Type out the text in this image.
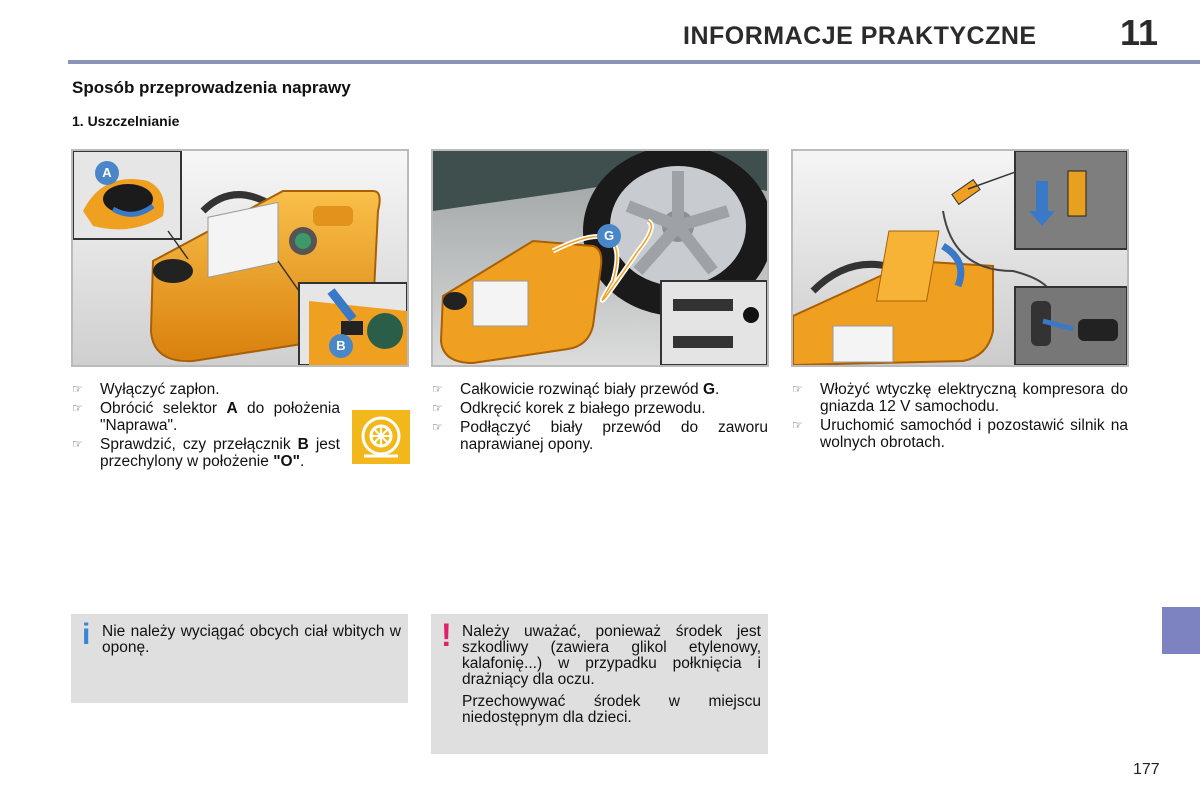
INFORMACJE PRAKTYCZNE 11
Sposób przeprowadzenia naprawy
1. Uszczelnianie
A
B
G
☞ Wyłączyć zapłon.
☞ Obrócić selektor A do położenia "Naprawa".
☞ Sprawdzić, czy przełącznik B jest przechylony w położenie "O".
☞ Całkowicie rozwinąć biały przewód G.
☞ Odkręcić korek z białego przewodu.
☞ Podłączyć biały przewód do zaworu naprawianej opony.
☞ Włożyć wtyczkę elektryczną kompresora do gniazda 12 V samochodu.
☞ Uruchomić samochód i pozostawić silnik na wolnych obrotach.
i Nie należy wyciągać obcych ciał wbitych w oponę.	! Należy uważać, ponieważ środek jest szkodliwy (zawiera glikol etylenowy, kalafonię...) w przypadku połknięcia i drażniący dla oczu.
Przechowywać środek w miejscu niedostępnym dla dzieci.
177
